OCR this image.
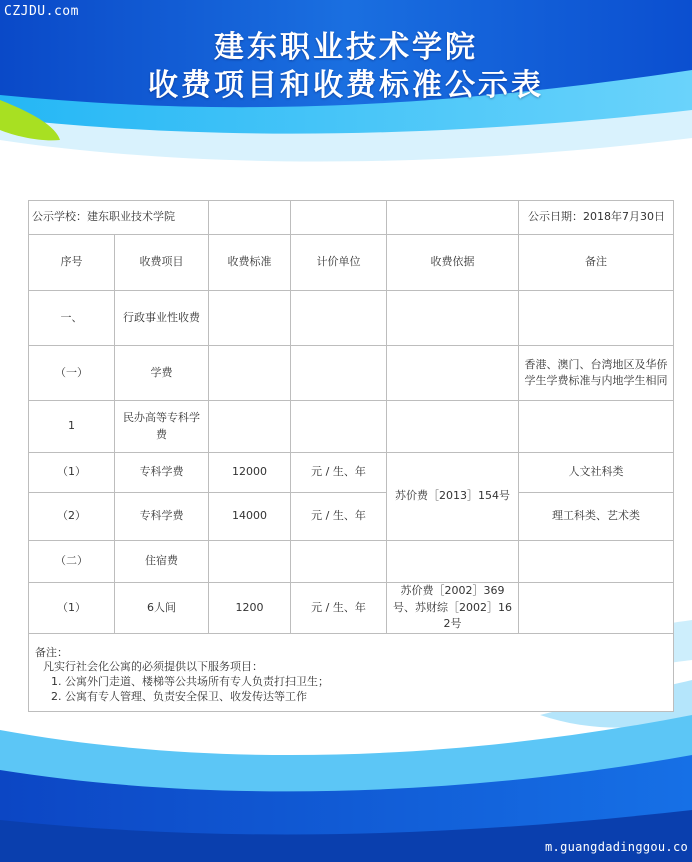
CZJDU.com
建东职业技术学院
收费项目和收费标准公示表
公示学校：建东职业技术学院					公示日期：2018年7月30日
序号	收费项目	收费标准	计价单位	收费依据	备注
一、	行政事业性收费				
（一）	学费				香港、澳门、台湾地区及华侨学生学费标准与内地学生相同
1	民办高等专科学费				
（1）	专科学费	12000	元 / 生、年	苏价费［2013］154号	人文社科类
（2）	专科学费	14000	元 / 生、年		理工科类、艺术类
（二）	住宿费				
（1）	6人间	1200	元 / 生、年	苏价费［2002］369号、苏财综［2002］162号	

备注：
凡实行社会化公寓的必须提供以下服务项目：
1. 公寓外门走道、楼梯等公共场所有专人负责打扫卫生；
2. 公寓有专人管理、负责安全保卫、收发传达等工作					
m.guangdadinggou.co
